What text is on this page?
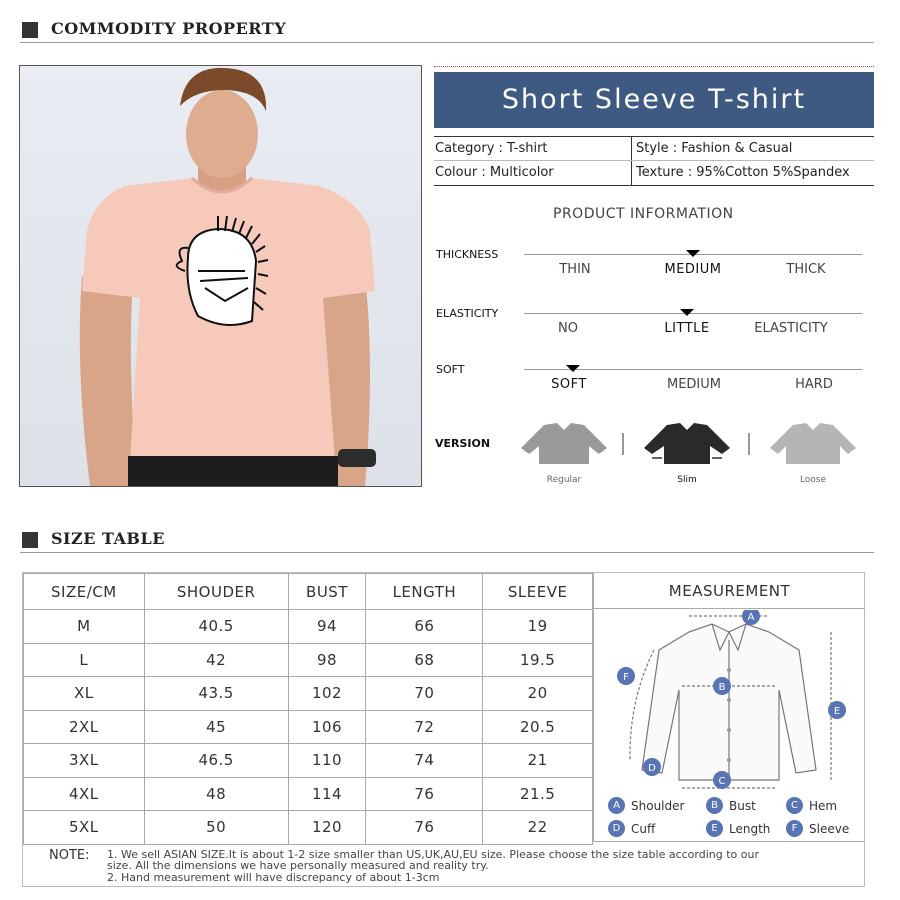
COMMODITY PROPERTY
Short Sleeve T-shirt
Category : T-shirt	Style : Fashion & Casual
Colour : Multicolor	Texture : 95%Cotton 5%Spandex
PRODUCT INFORMATION
THICKNESS
THIN	MEDIUM	THICK
ELASTICITY
NO	LITTLE	ELASTICITY
SOFT
SOFT	MEDIUM	HARD
VERSION
Regular	Slim	Loose
SIZE TABLE
SIZE/CM	SHOUDER	BUST	LENGTH	SLEEVE
M	40.5	94	66	19
L	42	98	68	19.5
XL	43.5	102	70	20
2XL	45	106	72	20.5
3XL	46.5	110	74	21
4XL	48	114	76	21.5
5XL	50	120	76	22
MEASUREMENT
A
B
C
D
E
F
A Shoulder	B Bust	C Hem
D Cuff	E Length	F Sleeve
NOTE: 1. We sell ASIAN SIZE.It is about 1-2 size smaller than US,UK,AU,EU size. Please choose the size table according to our
size. All the dimensions we have personally measured and reality try.
2. Hand measurement will have discrepancy of about 1-3cm
